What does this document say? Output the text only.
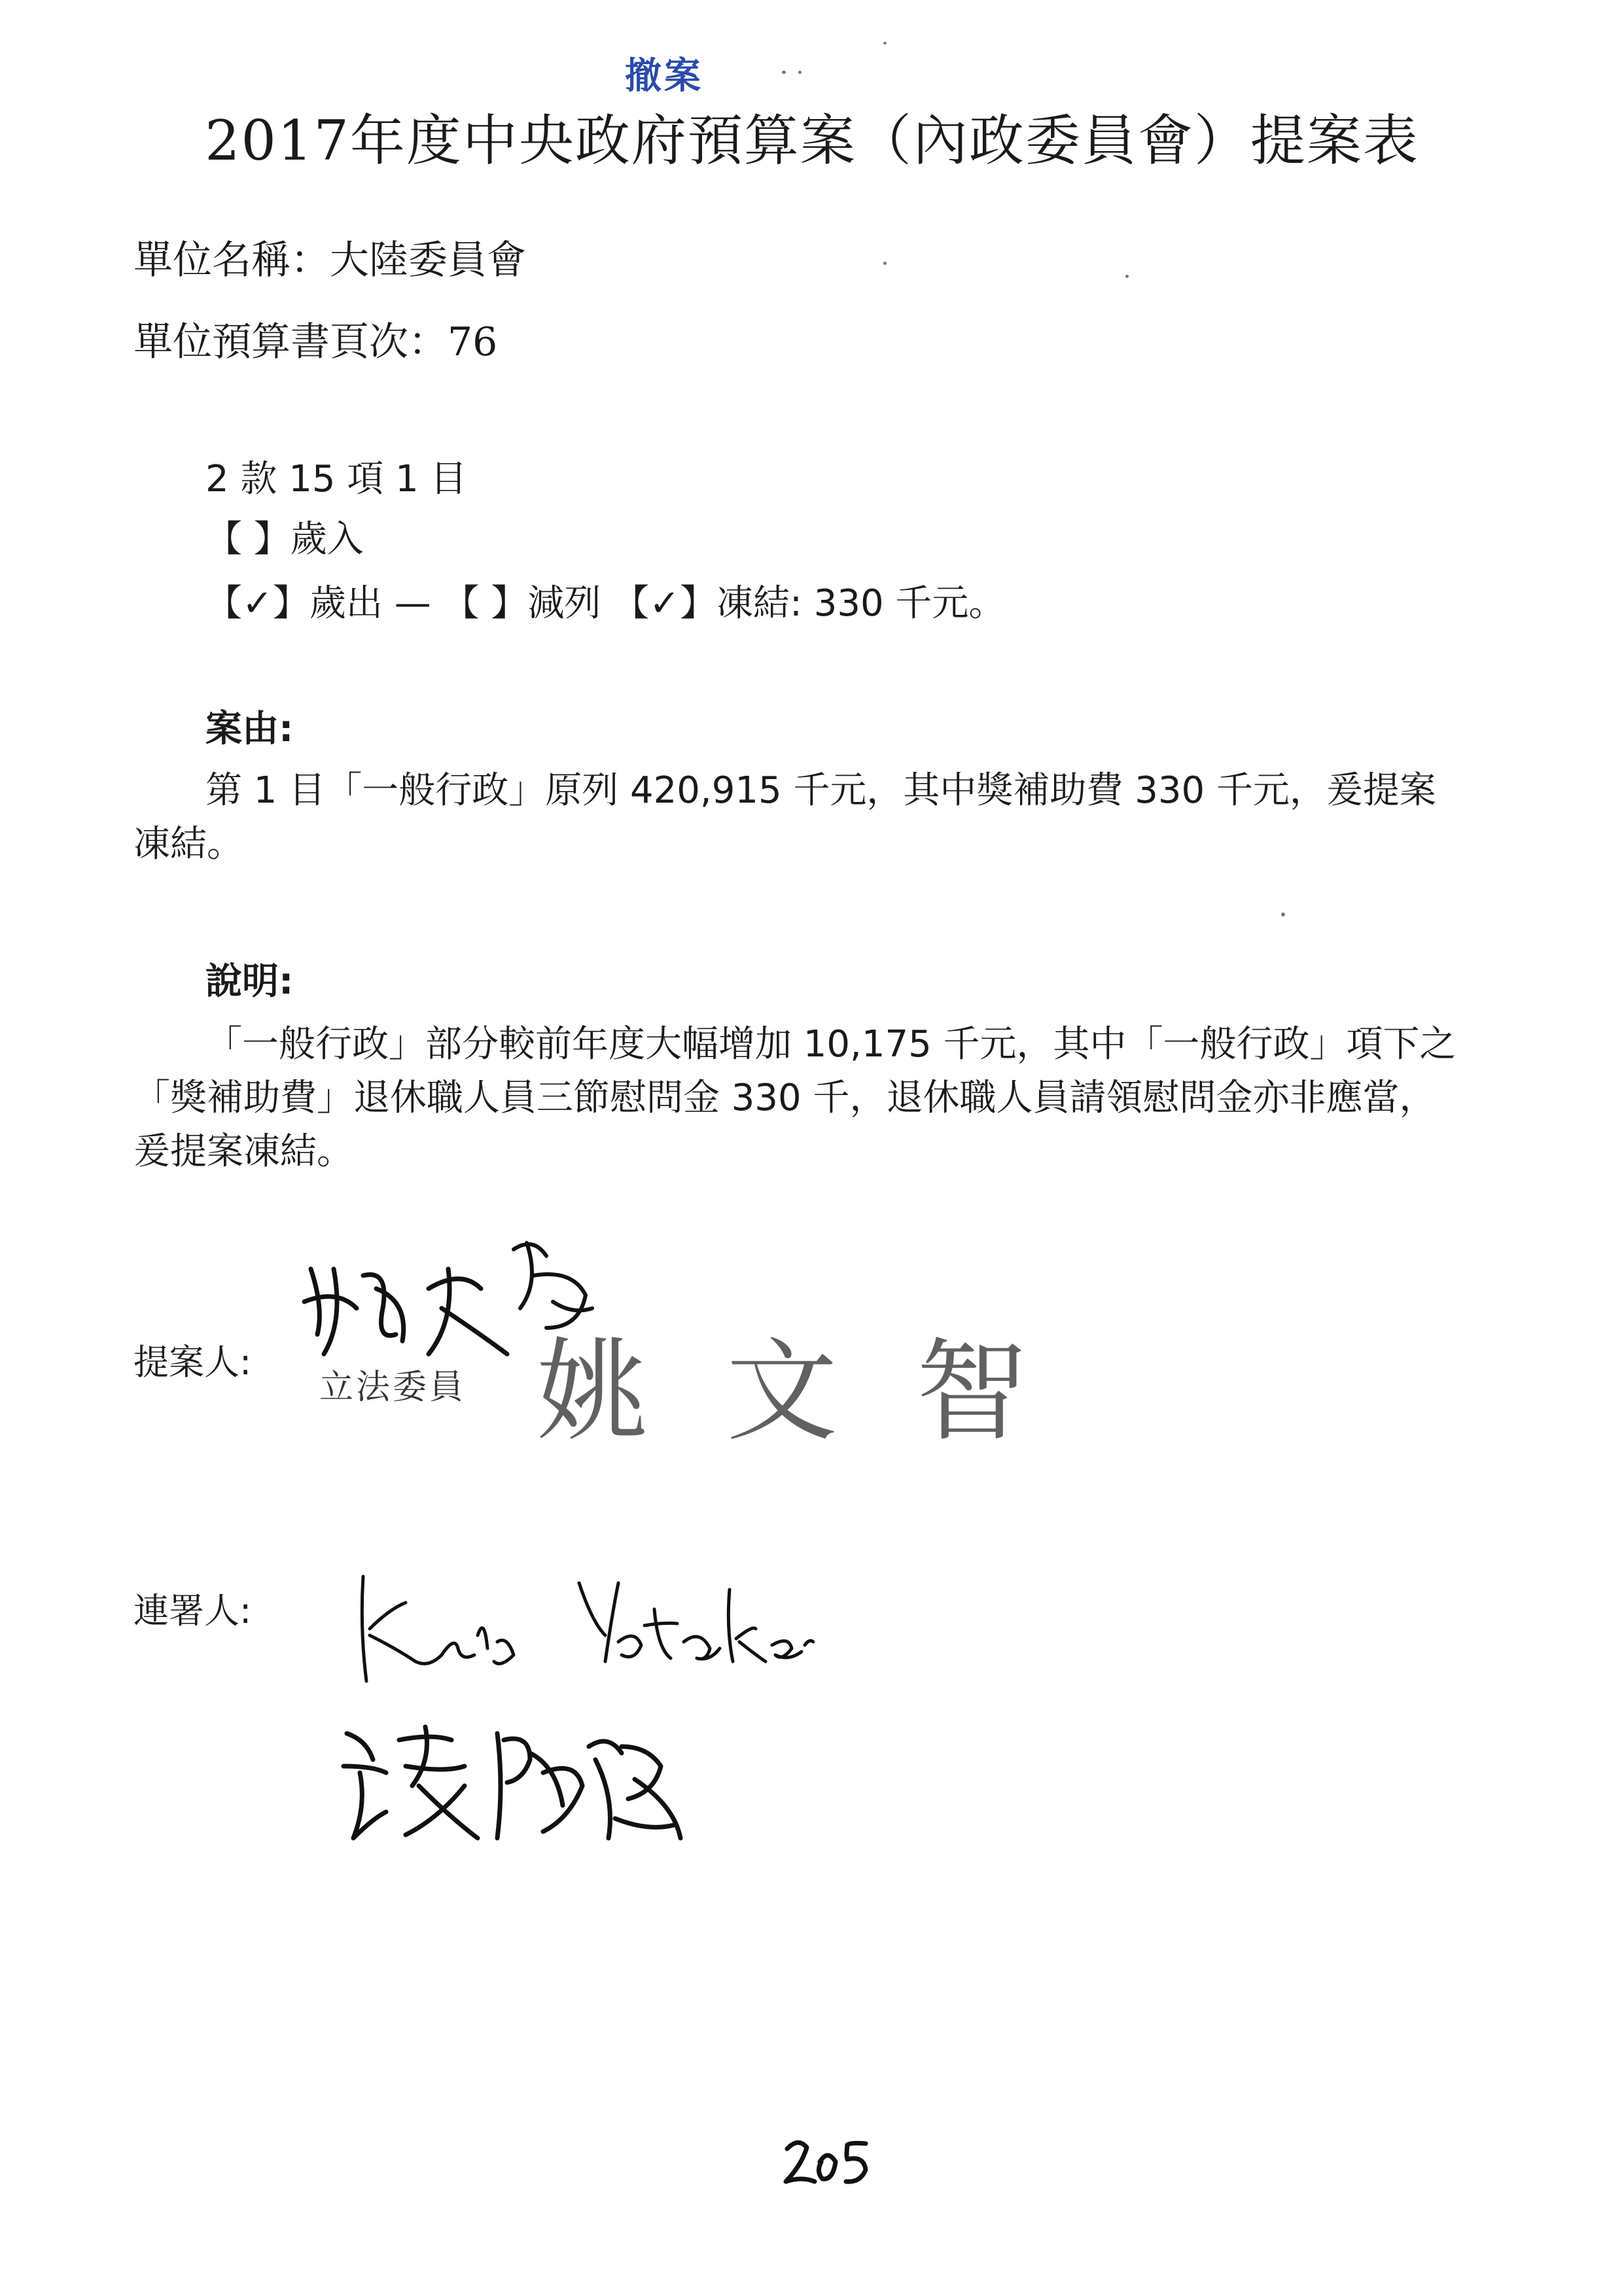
撤案
2017年度中央政府預算案（內政委員會）提案表
單位名稱：大陸委員會
單位預算書頁次：76
2 款 15 項 1 目
【 】歲入
【✓】歲出 — 【 】減列 【✓】凍結: 330 千元。
案由:
第 1 目「一般行政」原列 420,915 千元，其中獎補助費 330 千元，爰提案凍結。
說明:
「一般行政」部分較前年度大幅增加 10,175 千元，其中「一般行政」項下之「獎補助費」退休職人員三節慰問金 330 千，退休職人員請領慰問金亦非應當，爰提案凍結。
提案人:
立法委員 姚文智
連署人:
